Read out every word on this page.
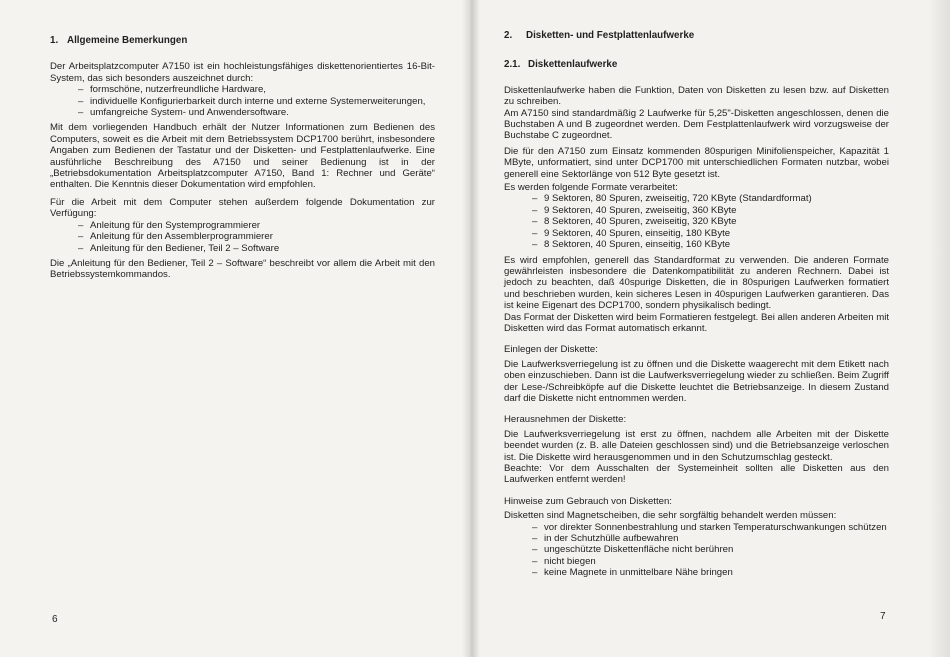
1. Allgemeine Bemerkungen

Der Arbeitsplatzcomputer A7150 ist ein hochleistungsfähiges diskettenorientiertes 16-Bit-System, das sich besonders auszeichnet durch:

– formschöne, nutzerfreundliche Hardware,
– individuelle Konfigurierbarkeit durch interne und externe Systemerweiterungen,
– umfangreiche System- und Anwendersoftware.

Mit dem vorliegenden Handbuch erhält der Nutzer Informationen zum Bedienen des Computers, soweit es die Arbeit mit dem Betriebssystem DCP1700 berührt, insbesondere Angaben zum Bedienen der Tastatur und der Disketten- und Festplattenlaufwerke. Eine ausführliche Beschreibung des A7150 und seiner Bedienung ist in der „Betriebsdokumentation Arbeitsplatzcomputer A7150, Band 1: Rechner und Geräte“ enthalten. Die Kenntnis dieser Dokumentation wird empfohlen.

Für die Arbeit mit dem Computer stehen außerdem folgende Dokumentation zur Verfügung:

– Anleitung für den Systemprogrammierer
– Anleitung für den Assemblerprogrammierer
– Anleitung für den Bediener, Teil 2 – Software

Die „Anleitung für den Bediener, Teil 2 – Software“ beschreibt vor allem die Arbeit mit den Betriebssystemkommandos.

6
2. Disketten- und Festplattenlaufwerke
2.1. Diskettenlaufwerke

Diskettenlaufwerke haben die Funktion, Daten von Disketten zu lesen bzw. auf Disketten zu schreiben.

Am A7150 sind standardmäßig 2 Laufwerke für 5,25"-Disketten angeschlossen, denen die Buchstaben A und B zugeordnet werden. Dem Festplattenlaufwerk wird vorzugsweise der Buchstabe C zugeordnet.

Die für den A7150 zum Einsatz kommenden 80spurigen Minifolienspeicher, Kapazität 1 MByte, unformatiert, sind unter DCP1700 mit unterschiedlichen Formaten nutzbar, wobei generell eine Sektorlänge von 512 Byte gesetzt ist.

Es werden folgende Formate verarbeitet:

– 9 Sektoren, 80 Spuren, zweiseitig, 720 KByte (Standardformat)
– 9 Sektoren, 40 Spuren, zweiseitig, 360 KByte
– 8 Sektoren, 40 Spuren, zweiseitig, 320 KByte
– 9 Sektoren, 40 Spuren, einseitig, 180 KByte
– 8 Sektoren, 40 Spuren, einseitig, 160 KByte

Es wird empfohlen, generell das Standardformat zu verwenden. Die anderen Formate gewährleisten insbesondere die Datenkompatibilität zu anderen Rechnern. Dabei ist jedoch zu beachten, daß 40spurige Disketten, die in 80spurigen Laufwerken formatiert und beschrieben wurden, kein sicheres Lesen in 40spurigen Laufwerken garantieren. Das ist keine Eigenart des DCP1700, sondern physikalisch bedingt.

Das Format der Disketten wird beim Formatieren festgelegt. Bei allen anderen Arbeiten mit Disketten wird das Format automatisch erkannt.

Einlegen der Diskette:

Die Laufwerksverriegelung ist zu öffnen und die Diskette waagerecht mit dem Etikett nach oben einzuschieben. Dann ist die Laufwerksverriegelung wieder zu schließen. Beim Zugriff der Lese-/Schreibköpfe auf die Diskette leuchtet die Betriebsanzeige. In diesem Zustand darf die Diskette nicht entnommen werden.

Herausnehmen der Diskette:

Die Laufwerksverriegelung ist erst zu öffnen, nachdem alle Arbeiten mit der Diskette beendet wurden (z. B. alle Dateien geschlossen sind) und die Betriebsanzeige verloschen ist. Die Diskette wird herausgenommen und in den Schutzumschlag gesteckt.

Beachte: Vor dem Ausschalten der Systemeinheit sollten alle Disketten aus den Laufwerken entfernt werden!

Hinweise zum Gebrauch von Disketten:

Disketten sind Magnetscheiben, die sehr sorgfältig behandelt werden müssen:

– vor direkter Sonnenbestrahlung und starken Temperaturschwankungen schützen
– in der Schutzhülle aufbewahren
– ungeschützte Diskettenfläche nicht berühren
– nicht biegen
– keine Magnete in unmittelbare Nähe bringen
7
